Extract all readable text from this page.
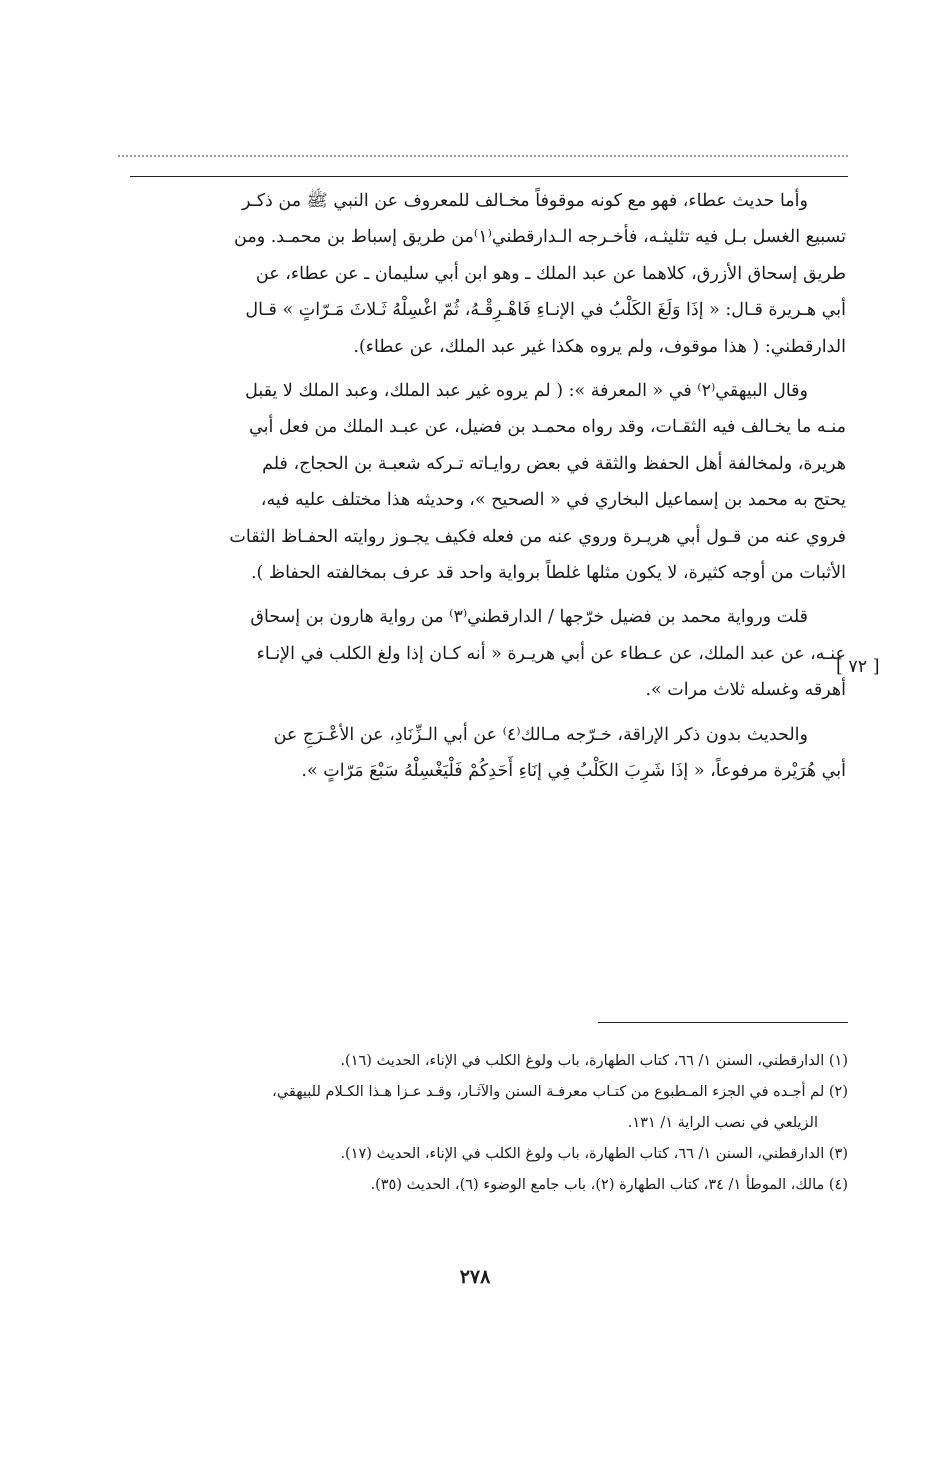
[ ٧٢ ]

وأما حديث عطاء، فهو مع كونه موقوفاً مخـالف للمعروف عن النبي ﷺ من ذكـر

تسبيع الغسل بـل فيه تثليثـه، فأخـرجه الـدارقطني⁽١⁾من طريق إسباط بن محمـد. ومن

طريق إسحاق الأزرق، كلاهما عن عبد الملك ـ وهو ابن أبي سليمان ـ عن عطاء، عن

أبي هـريرة قـال: « إذَا وَلَغَ الكَلْبُ في الإنـاءِ فَاهْـرِقْـهُ، ثُمّ اغْسِلْهُ ثَـلاثَ مَـرّاتٍ » قـال

الدارقطني: ( هذا موقوف، ولم يروه هكذا غير عبد الملك، عن عطاء).

وقال البيهقي⁽٢⁾ في « المعرفة »: ( لم يروه غير عبد الملك، وعبد الملك لا يقبل

منـه ما يخـالف فيه الثقـات، وقد رواه محمـد بن فضيل، عن عبـد الملك من فعل أبي

هريرة، ولمخالفة أهل الحفظ والثقة في بعض روايـاته تـركه شعبـة بن الحجاج، فلم

يحتج به محمد بن إسماعيل البخاري في « الصحيح »، وحديثه هذا مختلف عليه فيه،

فروي عنه من قـول أبي هريـرة وروي عنه من فعله فكيف يجـوز روايته الحفـاظ الثقات

الأثبات من أوجه كثيرة، لا يكون مثلها غلطاً برواية واحد قد عرف بمخالفته الحفاظ ).

قلت ورواية محمد بن فضيل خرّجها / الدارقطني⁽٣⁾ من رواية هارون بن إسحاق

عنـه، عن عبد الملك، عن عـطاء عن أبي هريـرة « أنه كـان إذا ولغ الكلب في الإنـاء

أهرقه وغسله ثلاث مرات ».

والحديث بدون ذكر الإراقة، خـرّجه مـالك⁽٤⁾ عن أبي الـزِّنَادِ، عن الأعْـرَجِ عن

أبي هُرَيْرة مرفوعاً، « إذَا شَرِبَ الكَلْبُ فِي إنَاءِ أَحَدِكُمْ فَلْيَغْسِلْهُ سَبْعَ مَرّاتٍ ».

(١) الدارقطني، السنن ١/ ٦٦، كتاب الطهارة، باب ولوغ الكلب في الإناء، الحديث (١٦).

(٢) لم أجـده في الجزء المـطبوع من كتـاب معرفـة السنن والآثـار، وقـد عـزا هـذا الكـلام للبيهقي،
الزيلعي في نصب الراية ١/ ١٣١.

(٣) الدارقطني، السنن ١/ ٦٦، كتاب الطهارة، باب ولوغ الكلب في الإناء، الحديث (١٧).

(٤) مالك، الموطأ ١/ ٣٤، كتاب الطهارة (٢)، باب جامع الوضوء (٦)، الحديث (٣٥).

٢٧٨
